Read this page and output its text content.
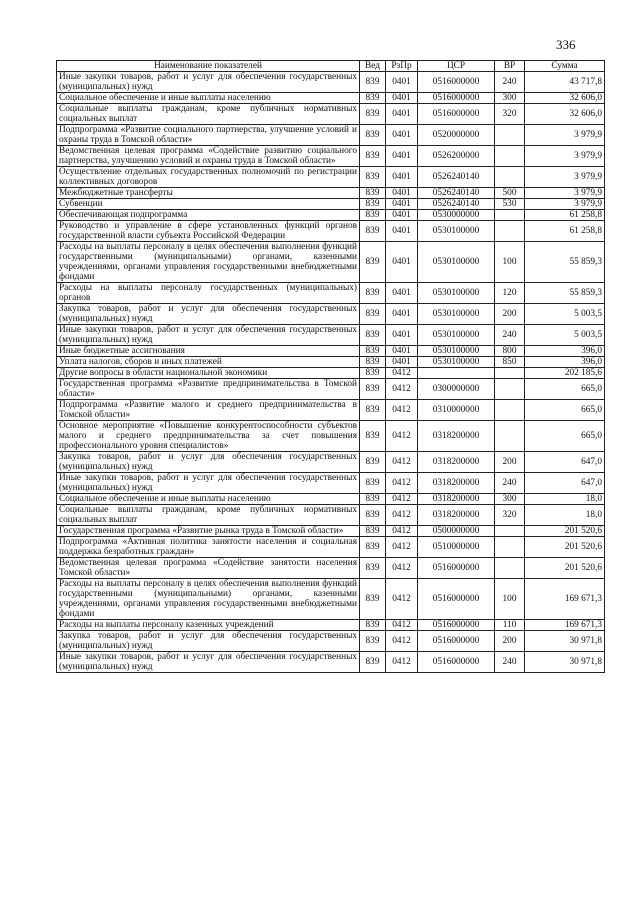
336
Наименование показателей	Вед	РзПр	ЦСР	ВР	Сумма
Иные закупки товаров, работ и услуг для обеспечения государственных (муниципальных) нужд	839	0401	0516000000	240	43 717,8
Социальное обеспечение и иные выплаты населению	839	0401	0516000000	300	32 606,0
Социальные выплаты гражданам, кроме публичных нормативных социальных выплат	839	0401	0516000000	320	32 606,0
Подпрограмма «Развитие социального партнерства, улучшение условий и охраны труда в Томской области»	839	0401	0520000000		3 979,9
Ведомственная целевая программа «Содействие развитию социального партнерства, улучшению условий и охраны труда в Томской области»	839	0401	0526200000		3 979,9
Осуществление отдельных государственных полномочий по регистрации коллективных договоров	839	0401	0526240140		3 979,9
Межбюджетные трансферты	839	0401	0526240140	500	3 979,9
Субвенции	839	0401	0526240140	530	3 979,9
Обеспечивающая подпрограмма	839	0401	0530000000		61 258,8
Руководство и управление в сфере установленных функций органов государственной власти субъекта Российской Федерации	839	0401	0530100000		61 258,8
Расходы на выплаты персоналу в целях обеспечения выполнения функций государственными (муниципальными) органами, казенными учреждениями, органами управления государственными внебюджетными фондами	839	0401	0530100000	100	55 859,3
Расходы на выплаты персоналу государственных (муниципальных) органов	839	0401	0530100000	120	55 859,3
Закупка товаров, работ и услуг для обеспечения государственных (муниципальных) нужд	839	0401	0530100000	200	5 003,5
Иные закупки товаров, работ и услуг для обеспечения государственных (муниципальных) нужд	839	0401	0530100000	240	5 003,5
Иные бюджетные ассигнования	839	0401	0530100000	800	396,0
Уплата налогов, сборов и иных платежей	839	0401	0530100000	850	396,0
Другие вопросы в области национальной экономики	839	0412			202 185,6
Государственная программа «Развитие предпринимательства в Томской области»	839	0412	0300000000		665,0
Подпрограмма «Развитие малого и среднего предпринимательства в Томской области»	839	0412	0310000000		665,0
Основное мероприятие «Повышение конкурентоспособности субъектов малого и среднего предпринимательства за счет повышения профессионального уровня специалистов»	839	0412	0318200000		665,0
Закупка товаров, работ и услуг для обеспечения государственных (муниципальных) нужд	839	0412	0318200000	200	647,0
Иные закупки товаров, работ и услуг для обеспечения государственных (муниципальных) нужд	839	0412	0318200000	240	647,0
Социальное обеспечение и иные выплаты населению	839	0412	0318200000	300	18,0
Социальные выплаты гражданам, кроме публичных нормативных социальных выплат	839	0412	0318200000	320	18,0
Государственная программа «Развитие рынка труда в Томской области»	839	0412	0500000000		201 520,6
Подпрограмма «Активная политика занятости населения и социальная поддержка безработных граждан»	839	0412	0510000000		201 520,6
Ведомственная целевая программа «Содействие занятости населения Томской области»	839	0412	0516000000		201 520,6
Расходы на выплаты персоналу в целях обеспечения выполнения функций государственными (муниципальными) органами, казенными учреждениями, органами управления государственными внебюджетными фондами	839	0412	0516000000	100	169 671,3
Расходы на выплаты персоналу казенных учреждений	839	0412	0516000000	110	169 671,3
Закупка товаров, работ и услуг для обеспечения государственных (муниципальных) нужд	839	0412	0516000000	200	30 971,8
Иные закупки товаров, работ и услуг для обеспечения государственных (муниципальных) нужд	839	0412	0516000000	240	30 971,8
